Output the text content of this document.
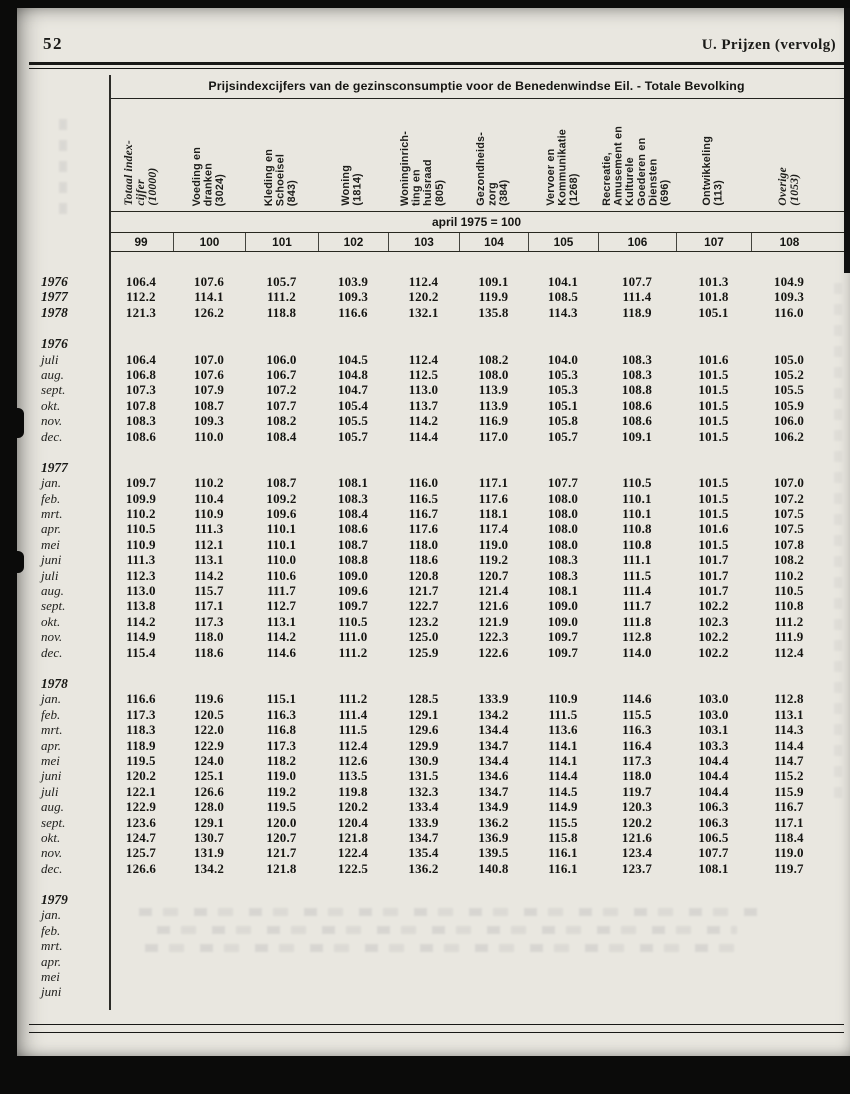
52	U. Prijzen (vervolg)
Prijsindexcijfers van de gezinsconsumptie voor de Benedenwindse Eil. - Totale Bevolking
Totaal index-
cijfer
(10000)	Voeding en
dranken
(3024)	Kleding en
Schoeisel
(843)	Woning
(1814)	Woninginrich-
ting en
huisraad
(805)	Gezondheids-
zorg
(384)	Vervoer en
Kommunikatie
(1268) Recreatie,
Amusement en
Kulturele
Goederen en
Diensten
(696)	Ontwikkeling
(113)	Overige
(1053)
april 1975 = 100
99	100	101	102	103	104	105	106	107	108
1976	106.4	107.6	105.7	103.9	112.4	109.1	104.1	107.7	101.3	104.9
1977	112.2	114.1	111.2	109.3	120.2	119.9	108.5	111.4	101.8	109.3
1978	121.3	126.2	118.8	116.6	132.1	135.8	114.3	118.9	105.1	116.0
1976
juli	106.4	107.0	106.0	104.5	112.4	108.2	104.0	108.3	101.6	105.0
aug.	106.8	107.6	106.7	104.8	112.5	108.0	105.3	108.3	101.5	105.2
sept.	107.3	107.9	107.2	104.7	113.0	113.9	105.3	108.8	101.5	105.5
okt.	107.8	108.7	107.7	105.4	113.7	113.9	105.1	108.6	101.5	105.9
nov.	108.3	109.3	108.2	105.5	114.2	116.9	105.8	108.6	101.5	106.0
dec.	108.6	110.0	108.4	105.7	114.4	117.0	105.7	109.1	101.5	106.2
1977
jan.	109.7	110.2	108.7	108.1	116.0	117.1	107.7	110.5	101.5	107.0
feb.	109.9	110.4	109.2	108.3	116.5	117.6	108.0	110.1	101.5	107.2
mrt.	110.2	110.9	109.6	108.4	116.7	118.1	108.0	110.1	101.5	107.5
apr.	110.5	111.3	110.1	108.6	117.6	117.4	108.0	110.8	101.6	107.5
mei	110.9	112.1	110.1	108.7	118.0	119.0	108.0	110.8	101.5	107.8
juni	111.3	113.1	110.0	108.8	118.6	119.2	108.3	111.1	101.7	108.2
juli	112.3	114.2	110.6	109.0	120.8	120.7	108.3	111.5	101.7	110.2
aug.	113.0	115.7	111.7	109.6	121.7	121.4	108.1	111.4	101.7	110.5
sept.	113.8	117.1	112.7	109.7	122.7	121.6	109.0	111.7	102.2	110.8
okt.	114.2	117.3	113.1	110.5	123.2	121.9	109.0	111.8	102.3	111.2
nov.	114.9	118.0	114.2	111.0	125.0	122.3	109.7	112.8	102.2	111.9
dec.	115.4	118.6	114.6	111.2	125.9	122.6	109.7	114.0	102.2	112.4
1978
jan.	116.6	119.6	115.1	111.2	128.5	133.9	110.9	114.6	103.0	112.8
feb.	117.3	120.5	116.3	111.4	129.1	134.2	111.5	115.5	103.0	113.1
mrt.	118.3	122.0	116.8	111.5	129.6	134.4	113.6	116.3	103.1	114.3
apr.	118.9	122.9	117.3	112.4	129.9	134.7	114.1	116.4	103.3	114.4
mei	119.5	124.0	118.2	112.6	130.9	134.4	114.1	117.3	104.4	114.7
juni	120.2	125.1	119.0	113.5	131.5	134.6	114.4	118.0	104.4	115.2
juli	122.1	126.6	119.2	119.8	132.3	134.7	114.5	119.7	104.4	115.9
aug.	122.9	128.0	119.5	120.2	133.4	134.9	114.9	120.3	106.3	116.7
sept.	123.6	129.1	120.0	120.4	133.9	136.2	115.5	120.2	106.3	117.1
okt.	124.7	130.7	120.7	121.8	134.7	136.9	115.8	121.6	106.5	118.4
nov.	125.7	131.9	121.7	122.4	135.4	139.5	116.1	123.4	107.7	119.0
dec.	126.6	134.2	121.8	122.5	136.2	140.8	116.1	123.7	108.1	119.7
1979
jan.
feb.
mrt.
apr.
mei
juni
